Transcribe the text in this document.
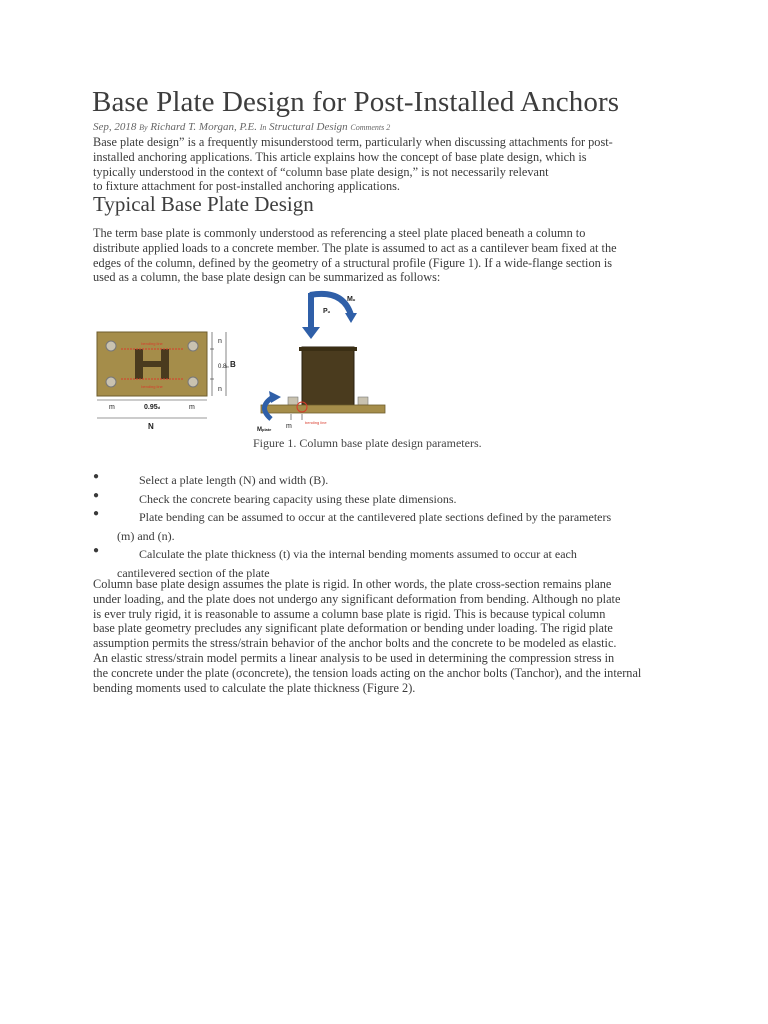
Base Plate Design for Post-Installed Anchors
Sep, 2018 By Richard T. Morgan, P.E. In Structural Design Comments 2
Base plate design” is a frequently misunderstood term, particularly when discussing attachments for post-
installed anchoring applications. This article explains how the concept of base plate design, which is
typically understood in the context of “column base plate design,” is not necessarily relevant
to fixture attachment for post-installed anchoring applications.
Typical Base Plate Design
The term base plate is commonly understood as referencing a steel plate placed beneath a column to
distribute applied loads to a concrete member. The plate is assumed to act as a cantilever beam fixed at the
edges of the column, defined by the geometry of a structural profile (Figure 1). If a wide-flange section is
used as a column, the base plate design can be summarized as follows:
bending line
bending line
n
0.8b
n
B
m	0.95d	m
N
Mu
Pu
m
bending line
Mplate
Figure 1. Column base plate design parameters.
●	Select a plate length (N) and width (B).
●	Check the concrete bearing capacity using these plate dimensions.
●	Plate bending can be assumed to occur at the cantilevered plate sections defined by the parameters
(m) and (n).
●	Calculate the plate thickness (t) via the internal bending moments assumed to occur at each
cantilevered section of the plate
Column base plate design assumes the plate is rigid. In other words, the plate cross-section remains plane
under loading, and the plate does not undergo any significant deformation from bending. Although no plate
is ever truly rigid, it is reasonable to assume a column base plate is rigid. This is because typical column
base plate geometry precludes any significant plate deformation or bending under loading. The rigid plate
assumption permits the stress/strain behavior of the anchor bolts and the concrete to be modeled as elastic.
An elastic stress/strain model permits a linear analysis to be used in determining the compression stress in
the concrete under the plate (σconcrete), the tension loads acting on the anchor bolts (Tanchor), and the internal
bending moments used to calculate the plate thickness (Figure 2).
